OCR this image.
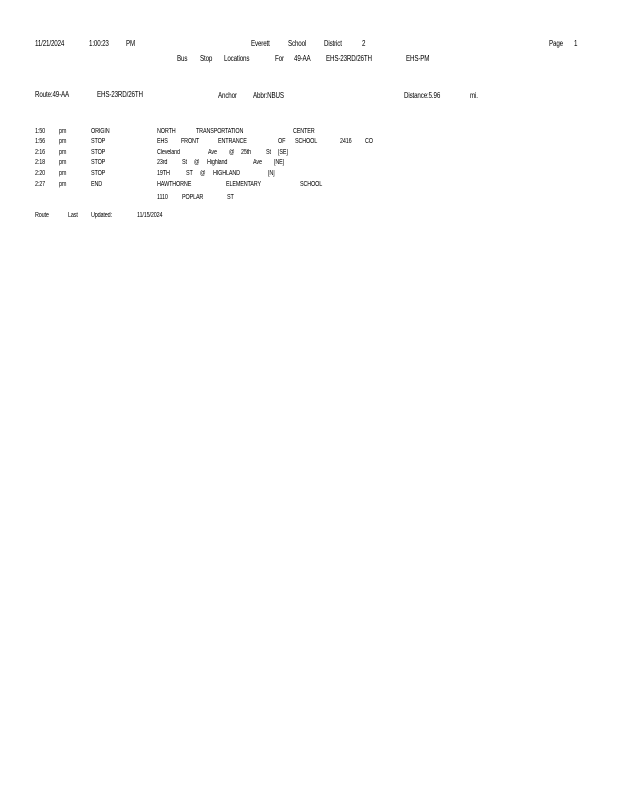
11/21/2024	1:00:23 PM	Everett School District	2	Page 1
Bus Stop Locations	For 49-AA EHS-23RD/26TH	EHS-PM
Route:49-AA	EHS-23RD/26TH	Anchor Abbr:NBUS	Distance:5.96	mi.
1:50 pm	ORIGIN	NORTH	TRANSPORTATION	CENTER
1:56 pm	STOP	EHS FRONT	ENTRANCE	OF SCHOOL	2416 CO
2:16 pm	STOP	Cleveland	Ave @ 25th St [SE]
2:18 pm	STOP	23rd St @ Highland	Ave [NE]
2:20 pm	STOP	19TH ST @ HIGHLAND	[N]
2:27 pm	END	HAWTHORNE	ELEMENTARY	SCHOOL
1110 POPLAR	ST
Route	Last Updated:	11/15/2024
